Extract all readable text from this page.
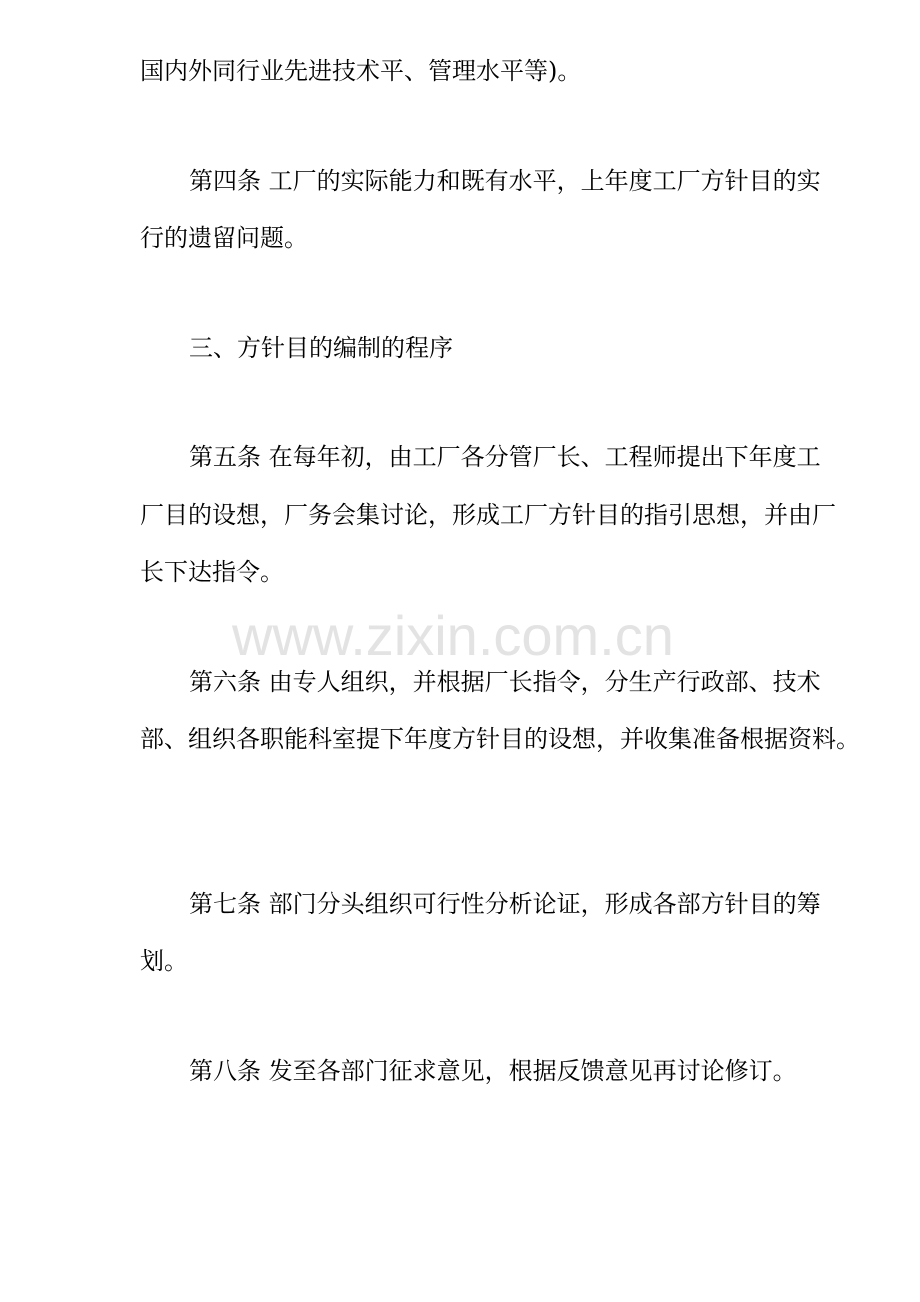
国内外同行业先进技术平、管理水平等)。
第四条 工厂的实际能力和既有水平，上年度工厂方针目的实
行的遗留问题。
三、方针目的编制的程序
第五条 在每年初，由工厂各分管厂长、工程师提出下年度工
厂目的设想，厂务会集讨论，形成工厂方针目的指引思想，并由厂
长下达指令。
www.zixin.com.cn
第六条 由专人组织，并根据厂长指令，分生产行政部、技术
部、组织各职能科室提下年度方针目的设想，并收集准备根据资料。
第七条 部门分头组织可行性分析论证，形成各部方针目的筹
划。
第八条 发至各部门征求意见，根据反馈意见再讨论修订。
